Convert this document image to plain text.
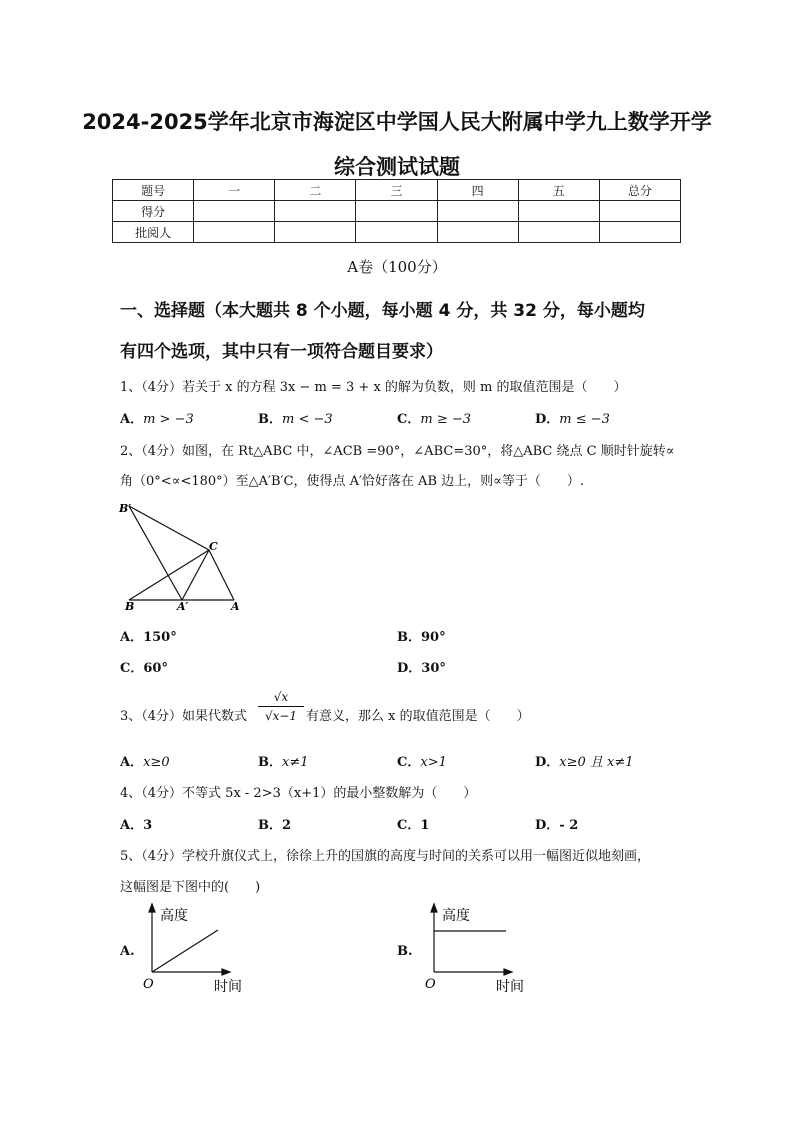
2024-2025学年北京市海淀区中学国人民大附属中学九上数学开学
综合测试试题
题号	一	二	三	四	五	总分
得分						
批阅人						
A卷（100分）
一、选择题（本大题共 8 个小题，每小题 4 分，共 32 分，每小题均
有四个选项，其中只有一项符合题目要求）
1、（4分）若关于 x 的方程 3x − m = 3 + x 的解为负数，则 m 的取值范围是（　　）
A．m > −3	B．m < −3	C．m ≥ −3	D．m ≤ −3
2、（4分）如图，在 Rt△ABC 中，∠ACB =90°，∠ABC=30°，将△ABC 绕点 C 顺时针旋转∝
角（0°<∝<180°）至△A′B′C，使得点 A′恰好落在 AB 边上，则∝等于（　　）.
B′
C
B	A′	A
A．150°	B．90°
C．60°	D．30°
3、（4分）如果代数式 $\frac{√x}{√x-1}$ 有意义，那么 x 的取值范围是（　　）
A．x≥0	B．x≠1	C．x>1	D．x≥0 且 x≠1
4、（4分）不等式 5x - 2>3（x+1）的最小整数解为（　　）
A．3	B．2	C．1	D．- 2
5、（4分）学校升旗仪式上，徐徐上升的国旗的高度与时间的关系可以用一幅图近似地刻画，
这幅图是下图中的(　　)
A.
高度
时间
O
B.
高度
时间
O
